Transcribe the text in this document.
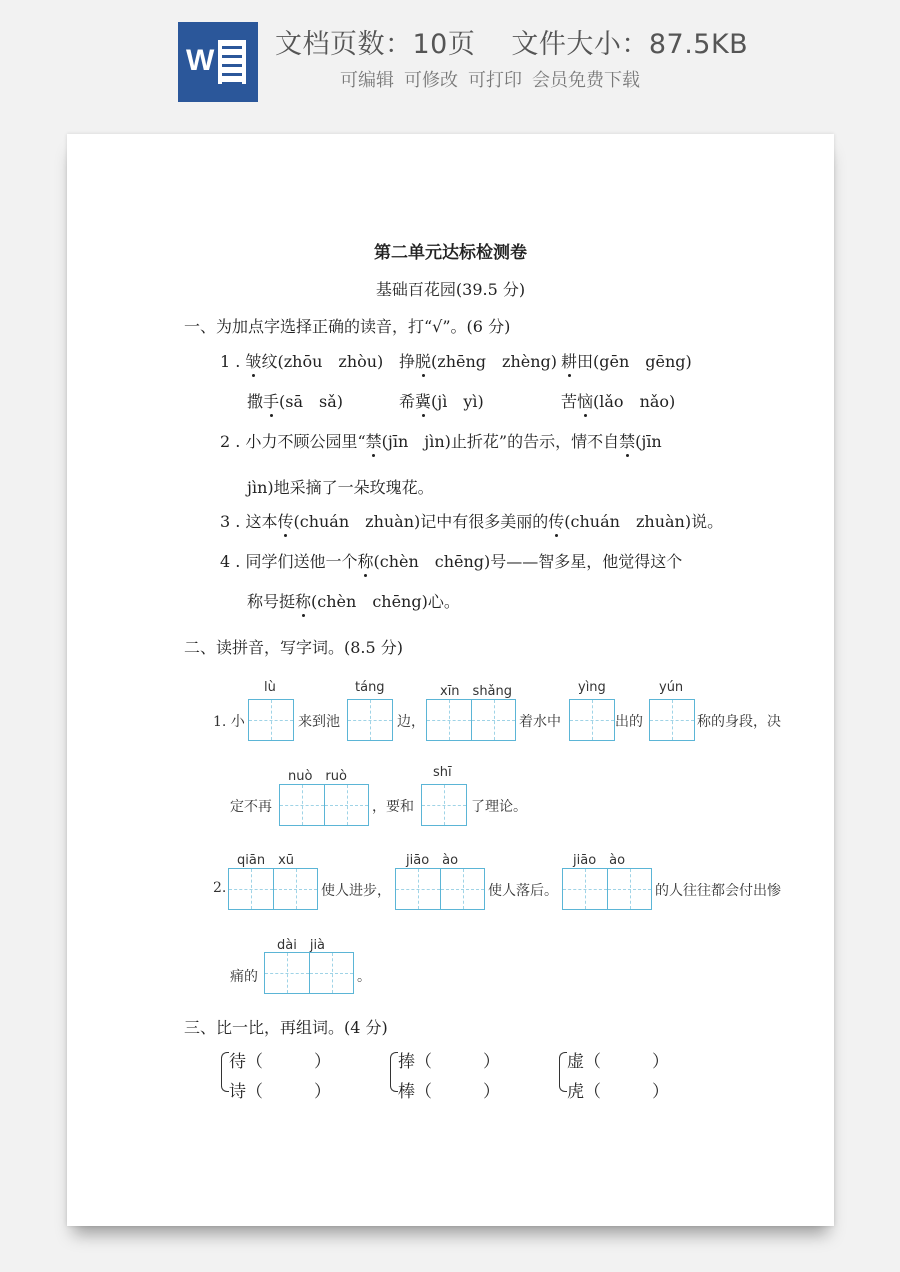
W 文档页数：10页 文件大小：87.5KB
可编辑 可修改 可打印 会员免费下载
第二单元达标检测卷
基础百花园(39.5 分)
一、为加点字选择正确的读音，打“√”。(6 分)
1 . 皱纹(zhōu　zhòu) 挣脱(zhēng　zhèng) 耕田(gēn　gēng)
撒手(sā　sǎ)	希冀(jì　yì)	苦恼(lǎo　nǎo)
2 . 小力不顾公园里“禁(jīn　jìn)止折花”的告示，情不自禁(jīn
jìn)地采摘了一朵玫瑰花。
3 . 这本传(chuán　zhuàn)记中有很多美丽的传(chuán　zhuàn)说。
4 . 同学们送他一个称(chèn　chēng)号——智多星，他觉得这个
称号挺称(chèn　chēng)心。
二、读拼音，写字词。(8.5 分)
lù	táng	xīn　shǎng	yìng	yún
1. 小	来到池	边，	着水中	出的	称的身段，决
nuò　ruò	shī
定不再	，要和	了理论。
qiān　xū	jiāo　ào	jiāo　ào
2.	使人进步，	使人落后。	的人往往都会付出惨
dài　jià
痛的	。
三、比一比，再组词。(4 分)
待（　　　）
诗（　　　）
捧（　　　）
棒（　　　）
虚（　　　）
虎（　　　）
